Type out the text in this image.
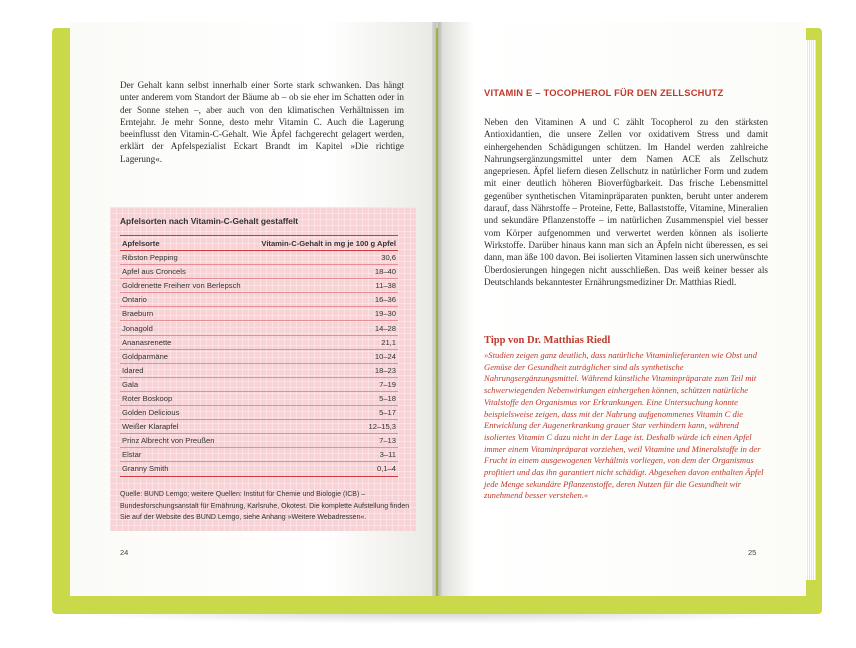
Der Gehalt kann selbst innerhalb einer Sorte stark schwanken. Das hängt unter anderem vom Standort der Bäume ab – ob sie eher im Schatten oder in der Sonne stehen –, aber auch von den klimatischen Verhältnissen im Erntejahr. Je mehr Sonne, desto mehr Vitamin C. Auch die Lagerung beeinflusst den Vitamin-C-Gehalt. Wie Äpfel fachgerecht gelagert werden, erklärt der Apfelspezialist Eckart Brandt im Kapitel »Die richtige Lagerung«.

Apfelsorten nach Vitamin-C-Gehalt gestaffelt
Apfelsorte	Vitamin-C-Gehalt in mg je 100 g Apfel
Ribston Pepping	30,6
Apfel aus Croncels	18–40
Goldrenette Freiherr von Berlepsch	11–38
Ontario	16–36
Braeburn	19–30
Jonagold	14–28
Ananasrenette	21,1
Goldparmäne	10–24
Idared	18–23
Gala	7–19
Roter Boskoop	5–18
Golden Delicious	5–17
Weißer Klarapfel	12–15,3
Prinz Albrecht von Preußen	7–13
Elstar	3–11
Granny Smith	0,1–4

Quelle: BUND Lemgo; weitere Quellen: Institut für Chemie und Biologie (ICB) – Bundesforschungsanstalt für Ernährung, Karlsruhe, Okotest. Die komplette Aufstellung finden Sie auf der Website des BUND Lemgo, siehe Anhang »Weitere Webadressen«.

24
VITAMIN E – TOCOPHEROL FÜR DEN ZELLSCHUTZ

Neben den Vitaminen A und C zählt Tocopherol zu den stärksten Antioxidantien, die unsere Zellen vor oxidativem Stress und damit einhergehenden Schädigungen schützen. Im Handel werden zahlreiche Nahrungsergänzungsmittel unter dem Namen ACE als Zellschutz angepriesen. Äpfel liefern diesen Zellschutz in natürlicher Form und zudem mit einer deutlich höheren Bioverfügbarkeit. Das frische Lebensmittel gegenüber synthetischen Vitaminpräparaten punkten, beruht unter anderem darauf, dass Nährstoffe – Proteine, Fette, Ballaststoffe, Vitamine, Mineralien und sekundäre Pflanzenstoffe – im natürlichen Zusammenspiel viel besser vom Körper aufgenommen und verwertet werden können als isolierte Wirkstoffe. Darüber hinaus kann man sich an Äpfeln nicht überessen, es sei dann, man äße 100 davon. Bei isolierten Vitaminen lassen sich unerwünschte Überdosierungen hingegen nicht ausschließen. Das weiß keiner besser als Deutschlands bekanntester Ernährungsmediziner Dr. Matthias Riedl.

Tipp von Dr. Matthias Riedl

»Studien zeigen ganz deutlich, dass natürliche Vitaminlieferanten wie Obst und Gemüse der Gesundheit zuträglicher sind als synthetische Nahrungsergänzungsmittel. Während künstliche Vitaminpräparate zum Teil mit schwerwiegenden Nebenwirkungen einhergehen können, schützen natürliche Vitalstoffe den Organismus vor Erkrankungen. Eine Untersuchung konnte beispielsweise zeigen, dass mit der Nahrung aufgenommenes Vitamin C die Entwicklung der Augenerkrankung grauer Star verhindern kann, während isoliertes Vitamin C dazu nicht in der Lage ist. Deshalb würde ich einen Apfel immer einem Vitaminpräparat vorziehen, weil Vitamine und Mineralstoffe in der Frucht in einem ausgewogenen Verhältnis vorliegen, von dem der Organismus profitiert und das ihn garantiert nicht schädigt. Abgesehen davon enthalten Äpfel jede Menge sekundäre Pflanzenstoffe, deren Nutzen für die Gesundheit wir zunehmend besser verstehen.«

25
